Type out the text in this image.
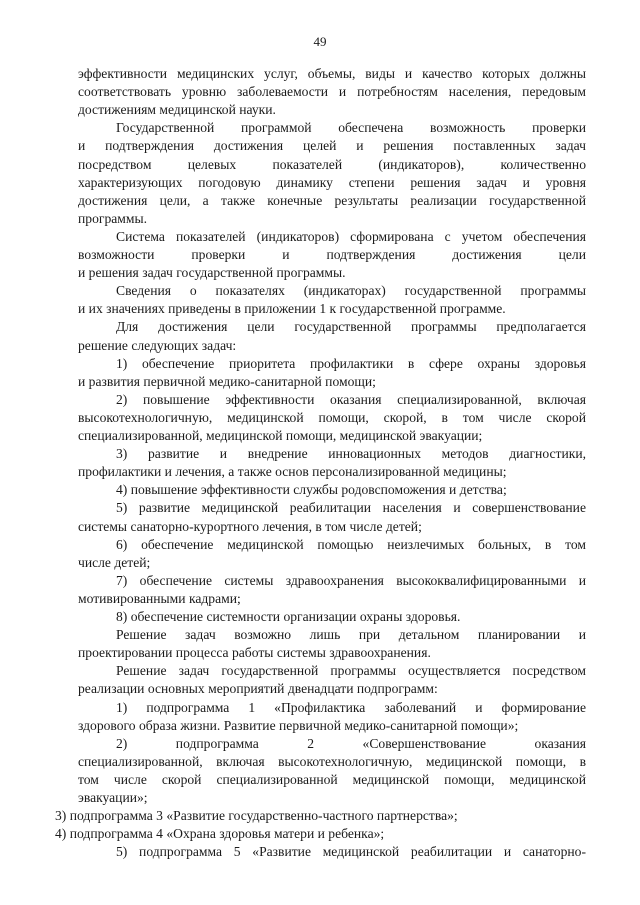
49
эффективности медицинских услуг, объемы, виды и качество которых должны
соответствовать уровню заболеваемости и потребностям населения, передовым
достижениям медицинской науки.
Государственной программой обеспечена возможность проверки
и подтверждения достижения целей и решения поставленных задач
посредством целевых показателей (индикаторов), количественно
характеризующих погодовую динамику степени решения задач и уровня
достижения цели, а также конечные результаты реализации государственной
программы.
Система показателей (индикаторов) сформирована с учетом обеспечения
возможности проверки и подтверждения достижения цели
и решения задач государственной программы.
Сведения о показателях (индикаторах) государственной программы
и их значениях приведены в приложении 1 к государственной программе.
Для достижения цели государственной программы предполагается
решение следующих задач:
1) обеспечение приоритета профилактики в сфере охраны здоровья
и развития первичной медико-санитарной помощи;
2) повышение эффективности оказания специализированной, включая
высокотехнологичную, медицинской помощи, скорой, в том числе скорой
специализированной, медицинской помощи, медицинской эвакуации;
3) развитие и внедрение инновационных методов диагностики,
профилактики и лечения, а также основ персонализированной медицины;
4) повышение эффективности службы родовспоможения и детства;
5) развитие медицинской реабилитации населения и совершенствование
системы санаторно-курортного лечения, в том числе детей;
6) обеспечение медицинской помощью неизлечимых больных, в том
числе детей;
7) обеспечение системы здравоохранения высококвалифицированными и
мотивированными кадрами;
8) обеспечение системности организации охраны здоровья.
Решение задач возможно лишь при детальном планировании и
проектировании процесса работы системы здравоохранения.
Решение задач государственной программы осуществляется посредством
реализации основных мероприятий двенадцати подпрограмм:
1) подпрограмма 1 «Профилактика заболеваний и формирование
здорового образа жизни. Развитие первичной медико-санитарной помощи»;
2) подпрограмма 2 «Совершенствование оказания
специализированной, включая высокотехнологичную, медицинской помощи, в
том числе скорой специализированной медицинской помощи, медицинской
эвакуации»;
3) подпрограмма 3 «Развитие государственно-частного партнерства»;
4) подпрограмма 4 «Охрана здоровья матери и ребенка»;
5) подпрограмма 5 «Развитие медицинской реабилитации и санаторно-
